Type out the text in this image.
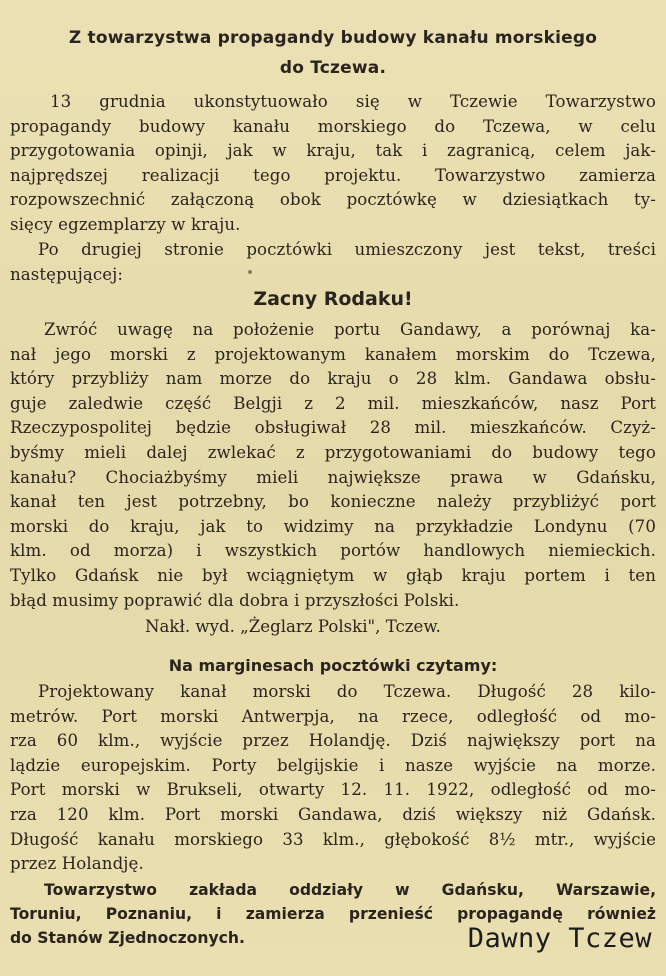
Z towarzystwa propagandy budowy kanału morskiego
do Tczewa.
13 grudnia ukonstytuowało się w Tczewie Towarzystwo
propagandy budowy kanału morskiego do Tczewa, w celu
przygotowania opinji, jak w kraju, tak i zagranicą, celem jak-
najprędszej realizacji tego projektu. Towarzystwo zamierza
rozpowszechnić załączoną obok pocztówkę w dziesiątkach ty-
sięcy egzemplarzy w kraju.
Po drugiej stronie pocztówki umieszczony jest tekst, treści
następującej:
Zacny Rodaku!
Zwróć uwagę na położenie portu Gandawy, a porównaj ka-
nał jego morski z projektowanym kanałem morskim do Tczewa,
który przybliży nam morze do kraju o 28 klm. Gandawa obsłu-
guje zaledwie część Belgji z 2 mil. mieszkańców, nasz Port
Rzeczypospolitej będzie obsługiwał 28 mil. mieszkańców. Czyż-
byśmy mieli dalej zwlekać z przygotowaniami do budowy tego
kanału? Chociażbyśmy mieli największe prawa w Gdańsku,
kanał ten jest potrzebny, bo konieczne należy przybliżyć port
morski do kraju, jak to widzimy na przykładzie Londynu (70
klm. od morza) i wszystkich portów handlowych niemieckich.
Tylko Gdańsk nie był wciągniętym w głąb kraju portem i ten
błąd musimy poprawić dla dobra i przyszłości Polski.
Nakł. wyd. „Żeglarz Polski", Tczew.
Na marginesach pocztówki czytamy:
Projektowany kanał morski do Tczewa. Długość 28 kilo-
metrów. Port morski Antwerpja, na rzece, odległość od mo-
rza 60 klm., wyjście przez Holandję. Dziś największy port na
lądzie europejskim. Porty belgijskie i nasze wyjście na morze.
Port morski w Brukseli, otwarty 12. 11. 1922, odległość od mo-
rza 120 klm. Port morski Gandawa, dziś większy niż Gdańsk.
Długość kanału morskiego 33 klm., głębokość 8½ mtr., wyjście
przez Holandję.
Towarzystwo zakłada oddziały w Gdańsku, Warszawie,
Toruniu, Poznaniu, i zamierza przenieść propagandę również
do Stanów Zjednoczonych.	Dawny Tczew
